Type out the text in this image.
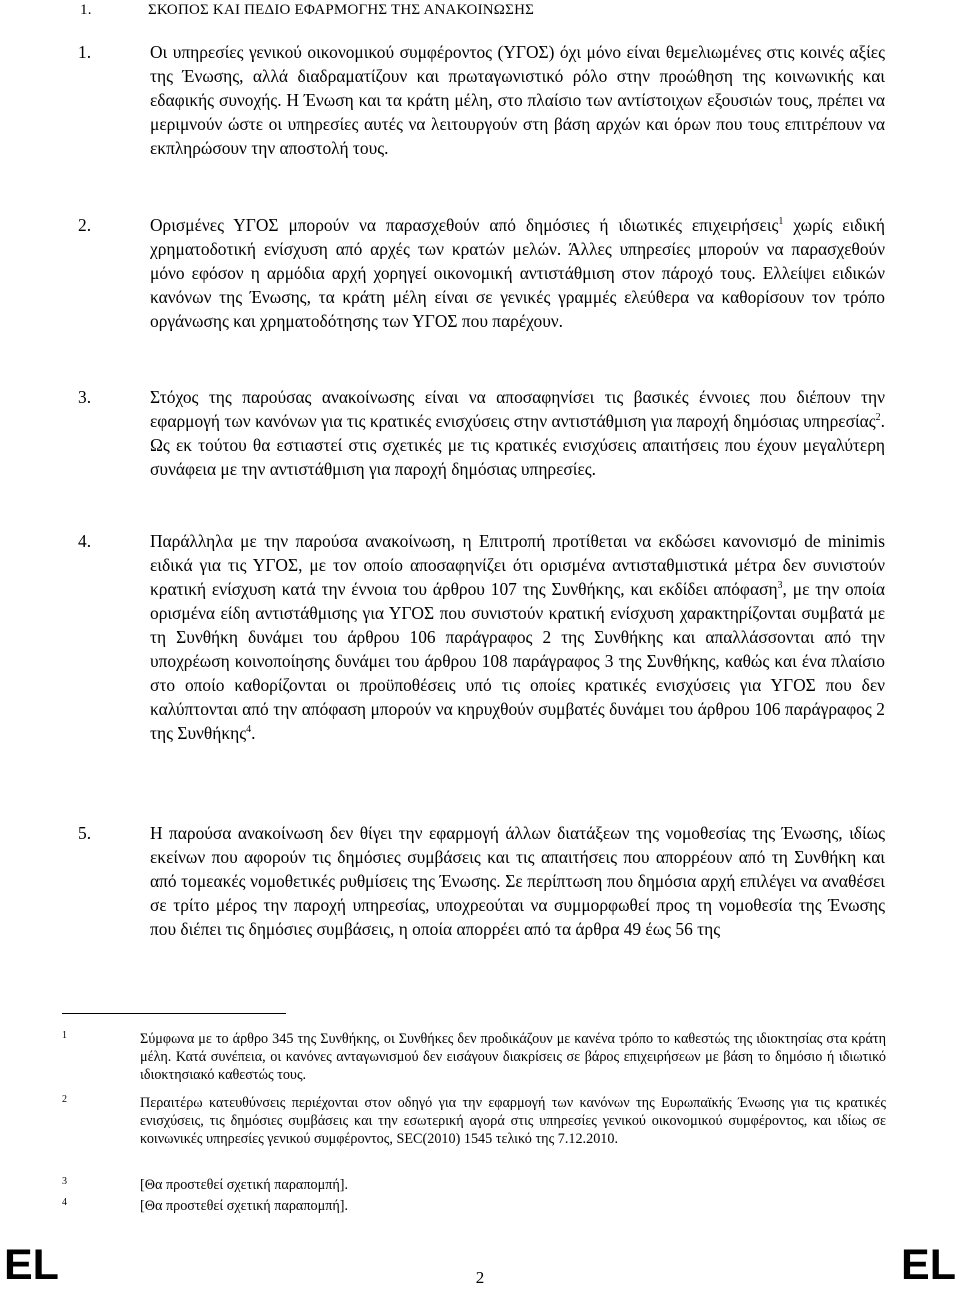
1.	ΣΚΟΠΟΣ ΚΑΙ ΠΕΔΙΟ ΕΦΑΡΜΟΓΗΣ ΤΗΣ ΑΝΑΚΟΙΝΩΣΗΣ
1.	Οι υπηρεσίες γενικού οικονομικού συμφέροντος (ΥΓΟΣ) όχι μόνο είναι θεμελιωμένες στις κοινές αξίες της Ένωσης, αλλά διαδραματίζουν και πρωταγωνιστικό ρόλο στην προώθηση της κοινωνικής και εδαφικής συνοχής. Η Ένωση και τα κράτη μέλη, στο πλαίσιο των αντίστοιχων εξουσιών τους, πρέπει να μεριμνούν ώστε οι υπηρεσίες αυτές να λειτουργούν στη βάση αρχών και όρων που τους επιτρέπουν να εκπληρώσουν την αποστολή τους.
2.	Ορισμένες ΥΓΟΣ μπορούν να παρασχεθούν από δημόσιες ή ιδιωτικές επιχειρήσεις$^1$ χωρίς ειδική χρηματοδοτική ενίσχυση από αρχές των κρατών μελών. Άλλες υπηρεσίες μπορούν να παρασχεθούν μόνο εφόσον η αρμόδια αρχή χορηγεί οικονομική αντιστάθμιση στον πάροχό τους. Ελλείψει ειδικών κανόνων της Ένωσης, τα κράτη μέλη είναι σε γενικές γραμμές ελεύθερα να καθορίσουν τον τρόπο οργάνωσης και χρηματοδότησης των ΥΓΟΣ που παρέχουν.
3.	Στόχος της παρούσας ανακοίνωσης είναι να αποσαφηνίσει τις βασικές έννοιες που διέπουν την εφαρμογή των κανόνων για τις κρατικές ενισχύσεις στην αντιστάθμιση για παροχή δημόσιας υπηρεσίας$^2$. Ως εκ τούτου θα εστιαστεί στις σχετικές με τις κρατικές ενισχύσεις απαιτήσεις που έχουν μεγαλύτερη συνάφεια με την αντιστάθμιση για παροχή δημόσιας υπηρεσίες.
4.	Παράλληλα με την παρούσα ανακοίνωση, η Επιτροπή προτίθεται να εκδώσει κανονισμό de minimis ειδικά για τις ΥΓΟΣ, με τον οποίο αποσαφηνίζει ότι ορισμένα αντισταθμιστικά μέτρα δεν συνιστούν κρατική ενίσχυση κατά την έννοια του άρθρου 107 της Συνθήκης, και εκδίδει απόφαση$^3$, με την οποία ορισμένα είδη αντιστάθμισης για ΥΓΟΣ που συνιστούν κρατική ενίσχυση χαρακτηρίζονται συμβατά με τη Συνθήκη δυνάμει του άρθρου 106 παράγραφος 2 της Συνθήκης και απαλλάσσονται από την υποχρέωση κοινοποίησης δυνάμει του άρθρου 108 παράγραφος 3 της Συνθήκης, καθώς και ένα πλαίσιο στο οποίο καθορίζονται οι προϋποθέσεις υπό τις οποίες κρατικές ενισχύσεις για ΥΓΟΣ που δεν καλύπτονται από την απόφαση μπορούν να κηρυχθούν συμβατές δυνάμει του άρθρου 106 παράγραφος 2 της Συνθήκης$^4$.
5.	Η παρούσα ανακοίνωση δεν θίγει την εφαρμογή άλλων διατάξεων της νομοθεσίας της Ένωσης, ιδίως εκείνων που αφορούν τις δημόσιες συμβάσεις και τις απαιτήσεις που απορρέουν από τη Συνθήκη και από τομεακές νομοθετικές ρυθμίσεις της Ένωσης. Σε περίπτωση που δημόσια αρχή επιλέγει να αναθέσει σε τρίτο μέρος την παροχή υπηρεσίας, υποχρεούται να συμμορφωθεί προς τη νομοθεσία της Ένωσης που διέπει τις δημόσιες συμβάσεις, η οποία απορρέει από τα άρθρα 49 έως 56 της
1	Σύμφωνα με το άρθρο 345 της Συνθήκης, οι Συνθήκες δεν προδικάζουν με κανένα τρόπο το καθεστώς της ιδιοκτησίας στα κράτη μέλη. Κατά συνέπεια, οι κανόνες ανταγωνισμού δεν εισάγουν διακρίσεις σε βάρος επιχειρήσεων με βάση το δημόσιο ή ιδιωτικό ιδιοκτησιακό καθεστώς τους.
2	Περαιτέρω κατευθύνσεις περιέχονται στον οδηγό για την εφαρμογή των κανόνων της Ευρωπαϊκής Ένωσης για τις κρατικές ενισχύσεις, τις δημόσιες συμβάσεις και την εσωτερική αγορά στις υπηρεσίες γενικού οικονομικού συμφέροντος, και ιδίως σε κοινωνικές υπηρεσίες γενικού συμφέροντος, SEC(2010) 1545 τελικό της 7.12.2010.
3	[Θα προστεθεί σχετική παραπομπή].
4	[Θα προστεθεί σχετική παραπομπή].
EL	2	EL
